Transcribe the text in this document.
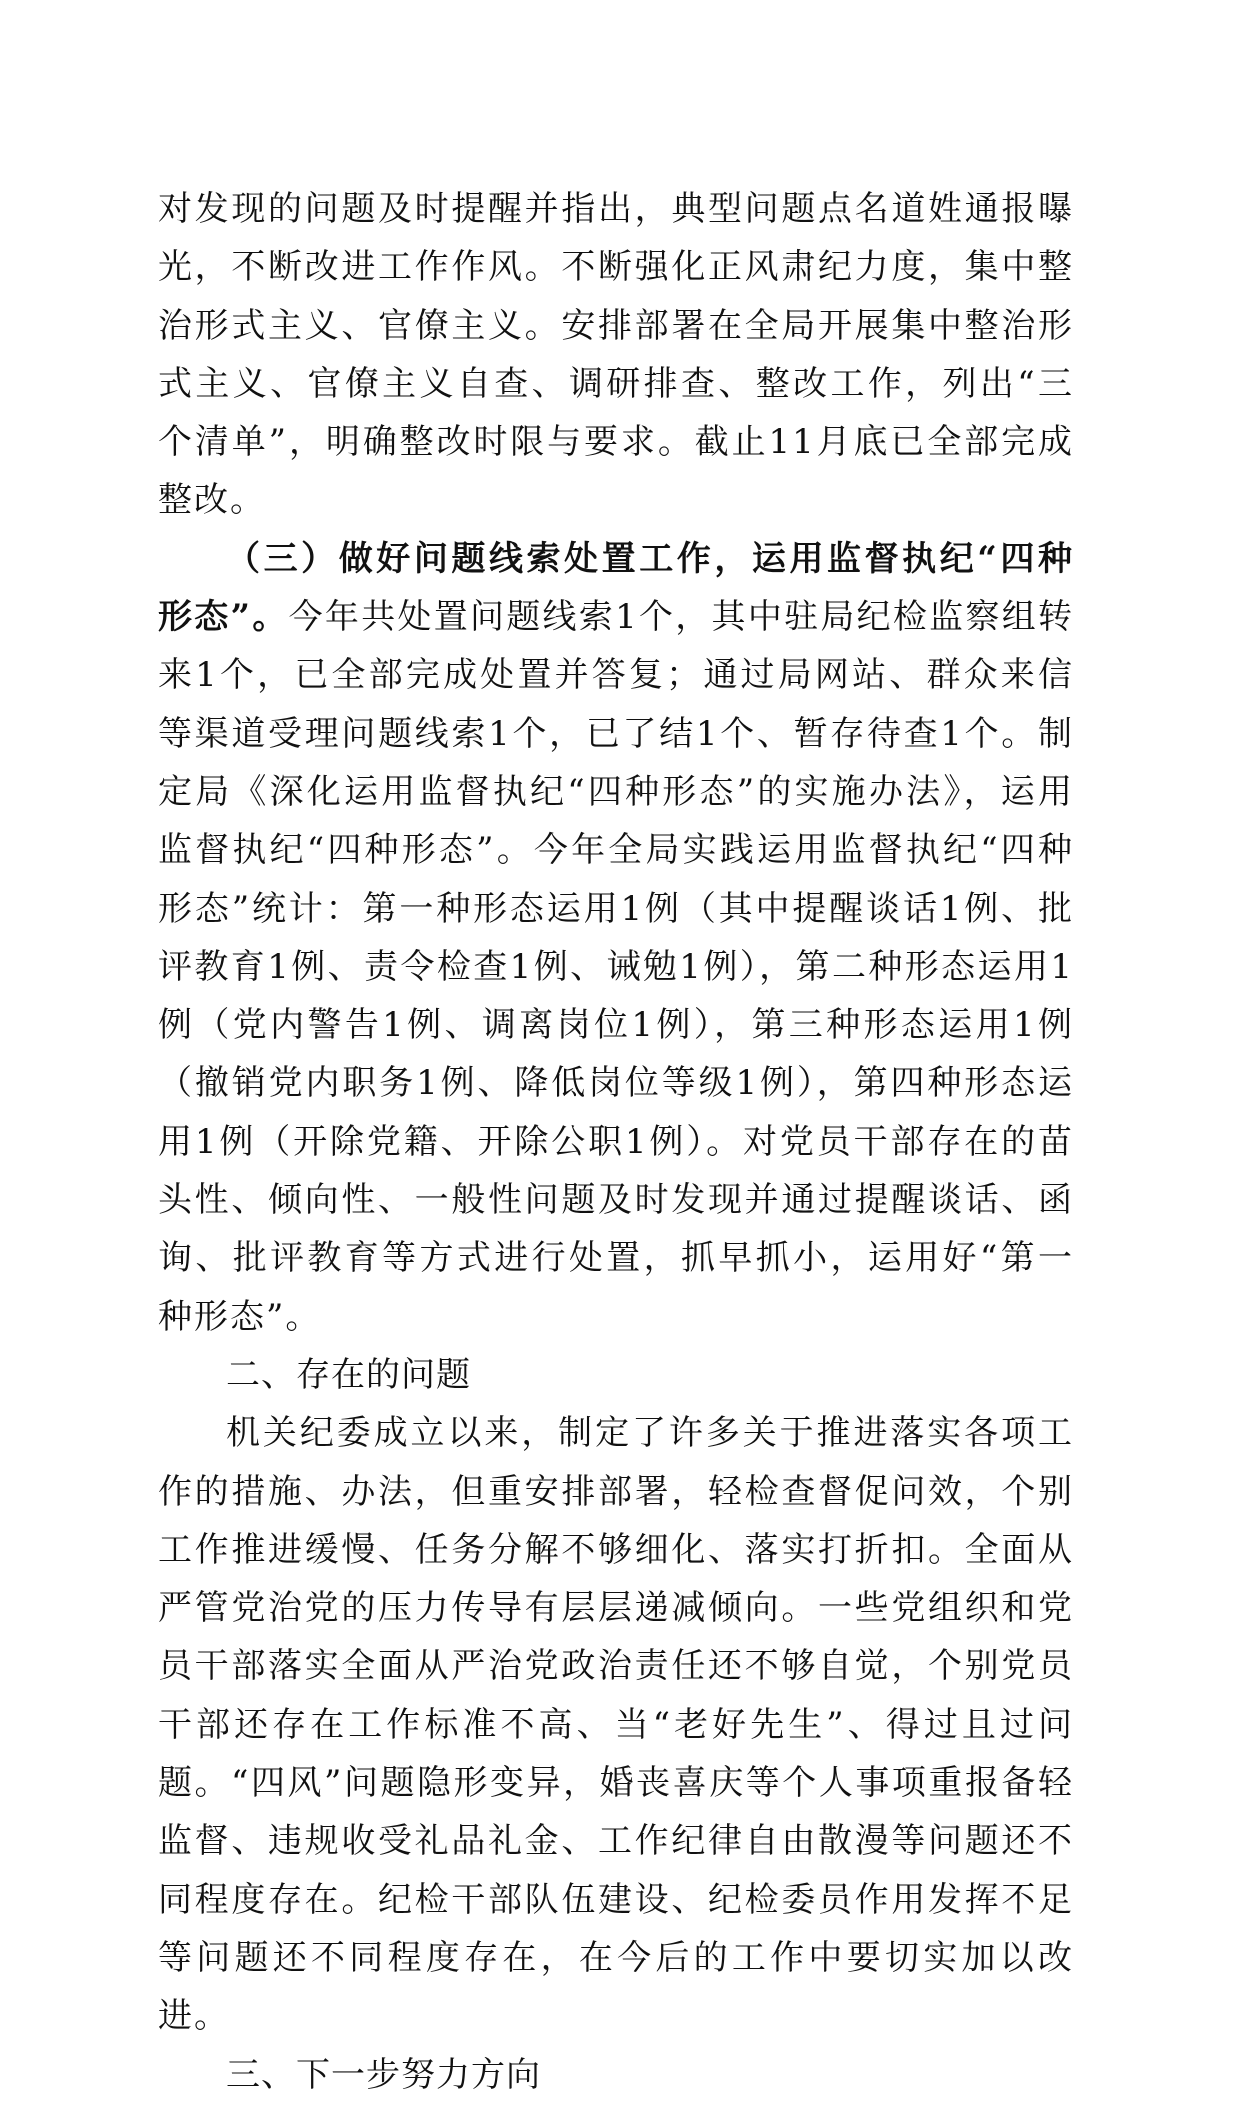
对发现的问题及时提醒并指出，典型问题点名道姓通报曝光，不断改进工作作风。不断强化正风肃纪力度，集中整治形式主义、官僚主义。安排部署在全局开展集中整治形式主义、官僚主义自查、调研排查、整改工作，列出“三个清单”，明确整改时限与要求。截止11月底已全部完成整改。

（三）做好问题线索处置工作，运用监督执纪“四种形态”。今年共处置问题线索1个，其中驻局纪检监察组转来1个，已全部完成处置并答复；通过局网站、群众来信等渠道受理问题线索1个，已了结1个、暂存待查1个。制定局《深化运用监督执纪“四种形态”的实施办法》，运用监督执纪“四种形态”。今年全局实践运用监督执纪“四种形态”统计：第一种形态运用1例（其中提醒谈话1例、批评教育1例、责令检查1例、诫勉1例），第二种形态运用1例（党内警告1例、调离岗位1例），第三种形态运用1例（撤销党内职务1例、降低岗位等级1例），第四种形态运用1例（开除党籍、开除公职1例）。对党员干部存在的苗头性、倾向性、一般性问题及时发现并通过提醒谈话、函询、批评教育等方式进行处置，抓早抓小，运用好“第一种形态”。

二、存在的问题

机关纪委成立以来，制定了许多关于推进落实各项工作的措施、办法，但重安排部署，轻检查督促问效，个别工作推进缓慢、任务分解不够细化、落实打折扣。全面从严管党治党的压力传导有层层递减倾向。一些党组织和党员干部落实全面从严治党政治责任还不够自觉，个别党员干部还存在工作标准不高、当“老好先生”、得过且过问题。“四风”问题隐形变异，婚丧喜庆等个人事项重报备轻监督、违规收受礼品礼金、工作纪律自由散漫等问题还不同程度存在。纪检干部队伍建设、纪检委员作用发挥不足等问题还不同程度存在，在今后的工作中要切实加以改进。

三、下一步努力方向
